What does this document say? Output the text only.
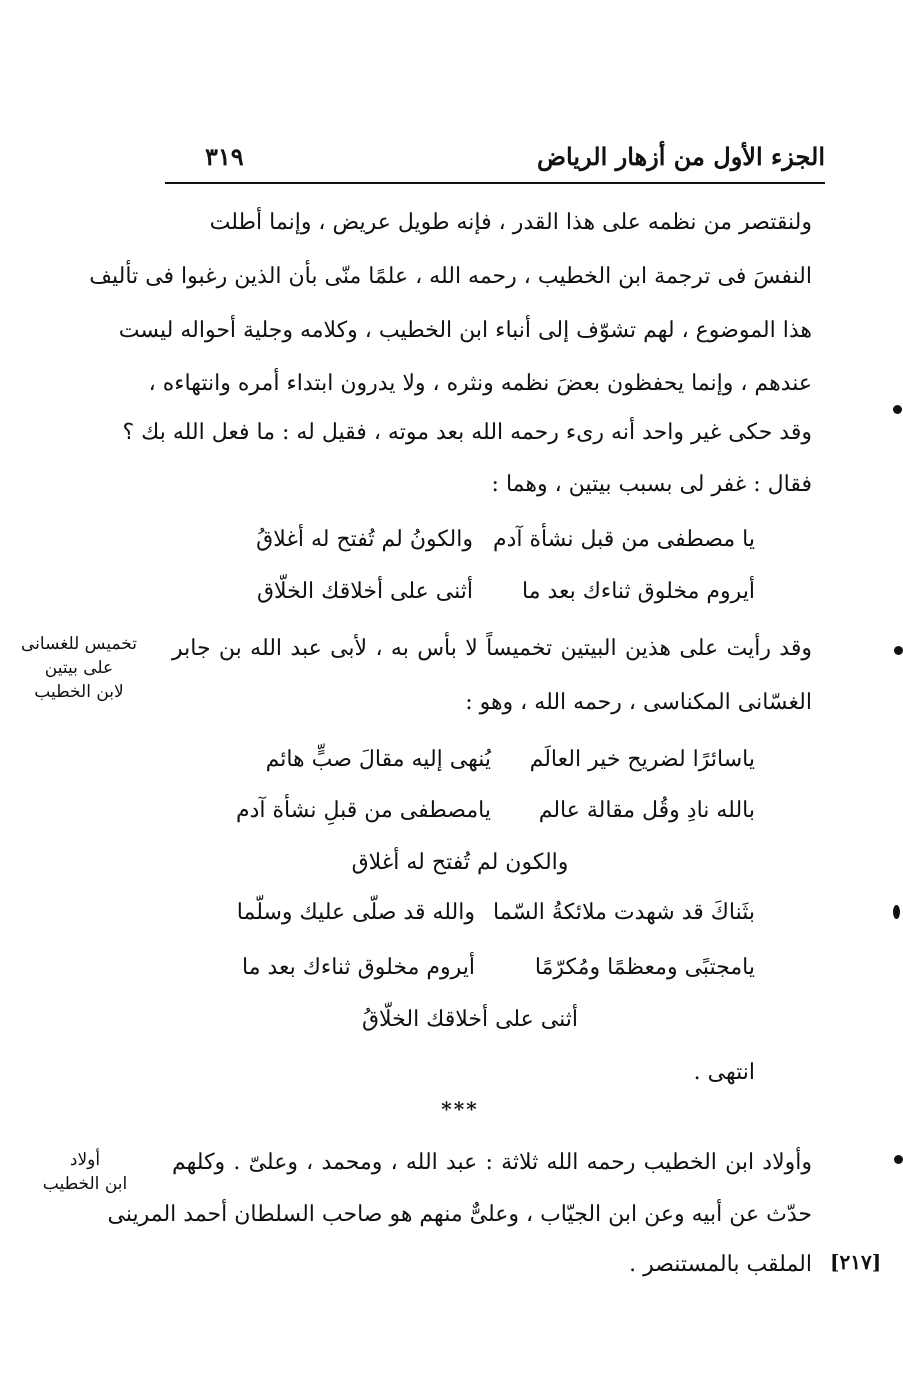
الجزء الأول من أزهار الرياض
٣١٩
ولنقتصر من نظمه على هذا القدر ، فإنه طويل عريض ، وإنما أطلت
النفسَ فى ترجمة ابن الخطيب ، رحمه الله ، علمًا منّى بأن الذين رغبوا فى تأليف
هذا الموضوع ، لهم تشوّف إلى أنباء ابن الخطيب ، وكلامه وجلية أحواله ليست
عندهم ، وإنما يحفظون بعضَ نظمه ونثره ، ولا يدرون ابتداء أمره وانتهاءه ،
وقد حكى غير واحد أنه رىء رحمه الله بعد موته ، فقيل له : ما فعل الله بك ؟
فقال : غفر لى بسبب بيتين ، وهما :
يا مصطفى من قبل نشأة آدم
والكونُ لم تُفتح له أغلاقُ
أيروم مخلوق ثناءك بعد ما
أثنى على أخلاقك الخلّاق
وقد رأيت على هذين البيتين تخميساً لا بأس به ، لأبى عبد الله بن جابر
الغسّانى المكناسى ، رحمه الله ، وهو :
ياسائرًا لضريح خير العالَم
يُنهى إليه مقالَ صبٍّ هائم
بالله نادِ وقُل مقالة عالم
يامصطفى من قبلِ نشأة آدم
والكون لم تُفتح له أغلاق
بثَناكَ قد شهدت ملائكةُ السّما
والله قد صلّى عليك وسلّما
يامجتبًى ومعظمًا ومُكرّمًا
أيروم مخلوق ثناءك بعد ما
أثنى على أخلاقك الخلّاقُ
انتهى .
***
وأولاد ابن الخطيب رحمه الله ثلاثة : عبد الله ، ومحمد ، وعلىّ . وكلهم
حدّث عن أبيه وعن ابن الجيّاب ، وعلىٌّ منهم هو صاحب السلطان أحمد المرينى
الملقب بالمستنصر . [٢١٧]
تخميس للغسانى
على بيتين
لابن الخطيب
أولاد
ابن الخطيب
